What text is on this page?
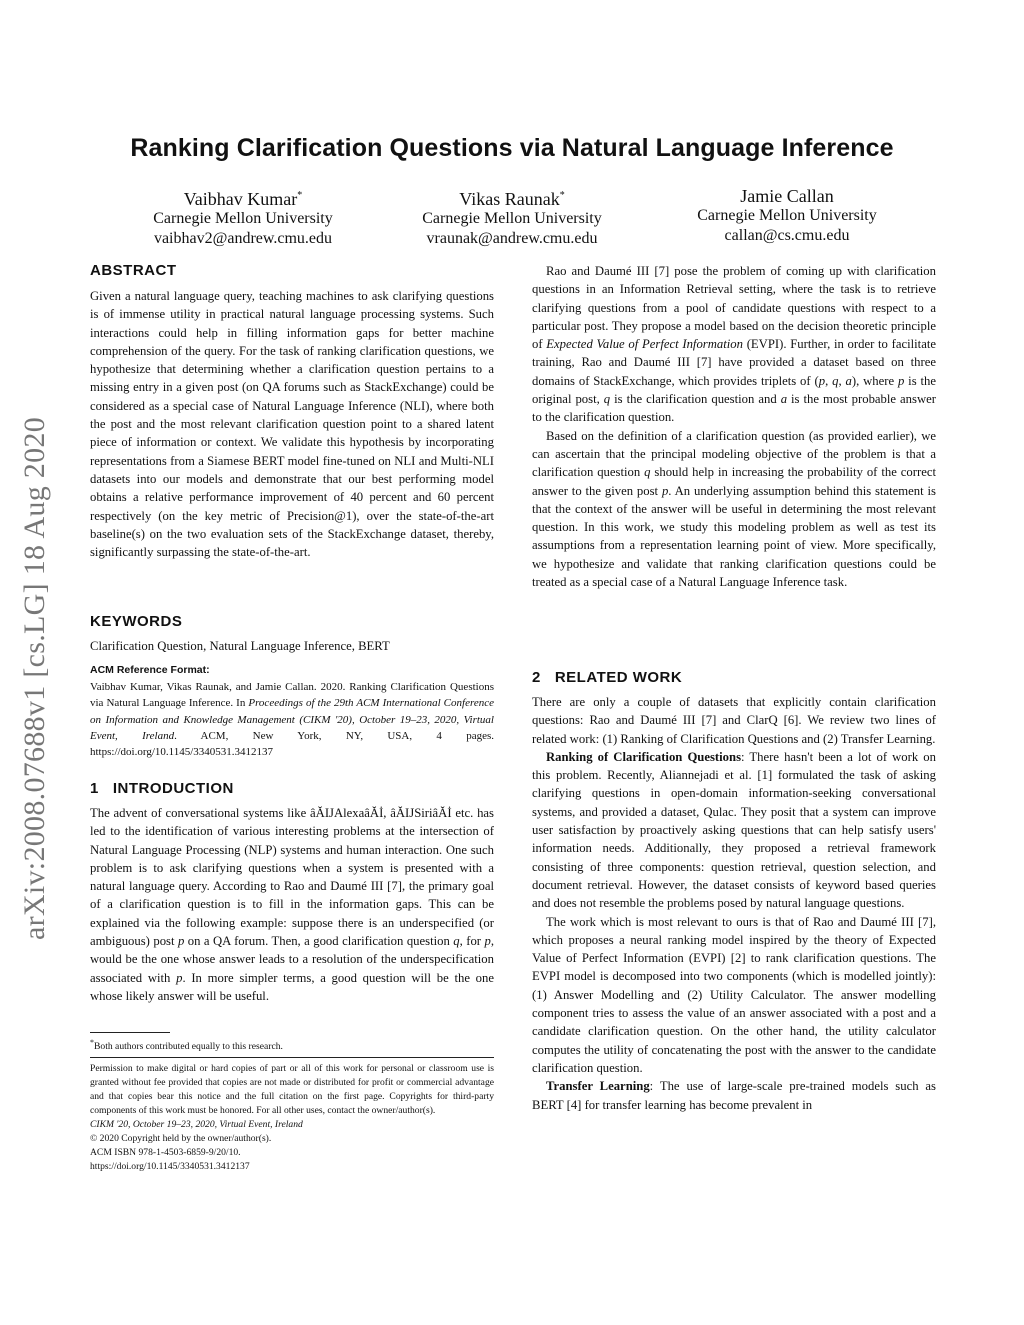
Ranking Clarification Questions via Natural Language Inference
Vaibhav Kumar*
Carnegie Mellon University
vaibhav2@andrew.cmu.edu
Vikas Raunak*
Carnegie Mellon University
vraunak@andrew.cmu.edu
Jamie Callan
Carnegie Mellon University
callan@cs.cmu.edu
arXiv:2008.07688v1 [cs.LG] 18 Aug 2020
ABSTRACT

Given a natural language query, teaching machines to ask clarifying questions is of immense utility in practical natural language processing systems. Such interactions could help in filling information gaps for better machine comprehension of the query. For the task of ranking clarification questions, we hypothesize that determining whether a clarification question pertains to a missing entry in a given post (on QA forums such as StackExchange) could be considered as a special case of Natural Language Inference (NLI), where both the post and the most relevant clarification question point to a shared latent piece of information or context. We validate this hypothesis by incorporating representations from a Siamese BERT model fine-tuned on NLI and Multi-NLI datasets into our models and demonstrate that our best performing model obtains a relative performance improvement of 40 percent and 60 percent respectively (on the key metric of Precision@1), over the state-of-the-art baseline(s) on the two evaluation sets of the StackExchange dataset, thereby, significantly surpassing the state-of-the-art.

KEYWORDS

Clarification Question, Natural Language Inference, BERT

ACM Reference Format:

Vaibhav Kumar, Vikas Raunak, and Jamie Callan. 2020. Ranking Clarification Questions via Natural Language Inference. In Proceedings of the 29th ACM International Conference on Information and Knowledge Management (CIKM '20), October 19–23, 2020, Virtual Event, Ireland. ACM, New York, NY, USA, 4 pages. https://doi.org/10.1145/3340531.3412137

1   INTRODUCTION

The advent of conversational systems like âĂIJAlexaâĂİ, âĂIJSiriâĂİ etc. has led to the identification of various interesting problems at the intersection of Natural Language Processing (NLP) systems and human interaction. One such problem is to ask clarifying questions when a system is presented with a natural language query. According to Rao and Daumé III [7], the primary goal of a clarification question is to fill in the information gaps. This can be explained via the following example: suppose there is an underspecified (or ambiguous) post p on a QA forum. Then, a good clarification question q, for p, would be the one whose answer leads to a resolution of the underspecification associated with p. In more simpler terms, a good question will be the one whose likely answer will be useful.

*Both authors contributed equally to this research.

Permission to make digital or hard copies of part or all of this work for personal or classroom use is granted without fee provided that copies are not made or distributed for profit or commercial advantage and that copies bear this notice and the full citation on the first page. Copyrights for third-party components of this work must be honored. For all other uses, contact the owner/author(s).

CIKM '20, October 19–23, 2020, Virtual Event, Ireland

© 2020 Copyright held by the owner/author(s).

ACM ISBN 978-1-4503-6859-9/20/10.

https://doi.org/10.1145/3340531.3412137

Rao and Daumé III [7] pose the problem of coming up with clarification questions in an Information Retrieval setting, where the task is to retrieve clarifying questions from a pool of candidate questions with respect to a particular post. They propose a model based on the decision theoretic principle of Expected Value of Perfect Information (EVPI). Further, in order to facilitate training, Rao and Daumé III [7] have provided a dataset based on three domains of StackExchange, which provides triplets of (p, q, a), where p is the original post, q is the clarification question and a is the most probable answer to the clarification question.

Based on the definition of a clarification question (as provided earlier), we can ascertain that the principal modeling objective of the problem is that a clarification question q should help in increasing the probability of the correct answer to the given post p. An underlying assumption behind this statement is that the context of the answer will be useful in determining the most relevant question. In this work, we study this modeling problem as well as test its assumptions from a representation learning point of view. More specifically, we hypothesize and validate that ranking clarification questions could be treated as a special case of a Natural Language Inference task.

2   RELATED WORK

There are only a couple of datasets that explicitly contain clarification questions: Rao and Daumé III [7] and ClarQ [6]. We review two lines of related work: (1) Ranking of Clarification Questions and (2) Transfer Learning.

Ranking of Clarification Questions: There hasn't been a lot of work on this problem. Recently, Aliannejadi et al. [1] formulated the task of asking clarifying questions in open-domain information-seeking conversational systems, and provided a dataset, Qulac. They posit that a system can improve user satisfaction by proactively asking questions that can help satisfy users' information needs. Additionally, they proposed a retrieval framework consisting of three components: question retrieval, question selection, and document retrieval. However, the dataset consists of keyword based queries and does not resemble the problems posed by natural language questions.

The work which is most relevant to ours is that of Rao and Daumé III [7], which proposes a neural ranking model inspired by the theory of Expected Value of Perfect Information (EVPI) [2] to rank clarification questions. The EVPI model is decomposed into two components (which is modelled jointly): (1) Answer Modelling and (2) Utility Calculator. The answer modelling component tries to assess the value of an answer associated with a post and a candidate clarification question. On the other hand, the utility calculator computes the utility of concatenating the post with the answer to the candidate clarification question.

Transfer Learning: The use of large-scale pre-trained models such as BERT [4] for transfer learning has become prevalent in
